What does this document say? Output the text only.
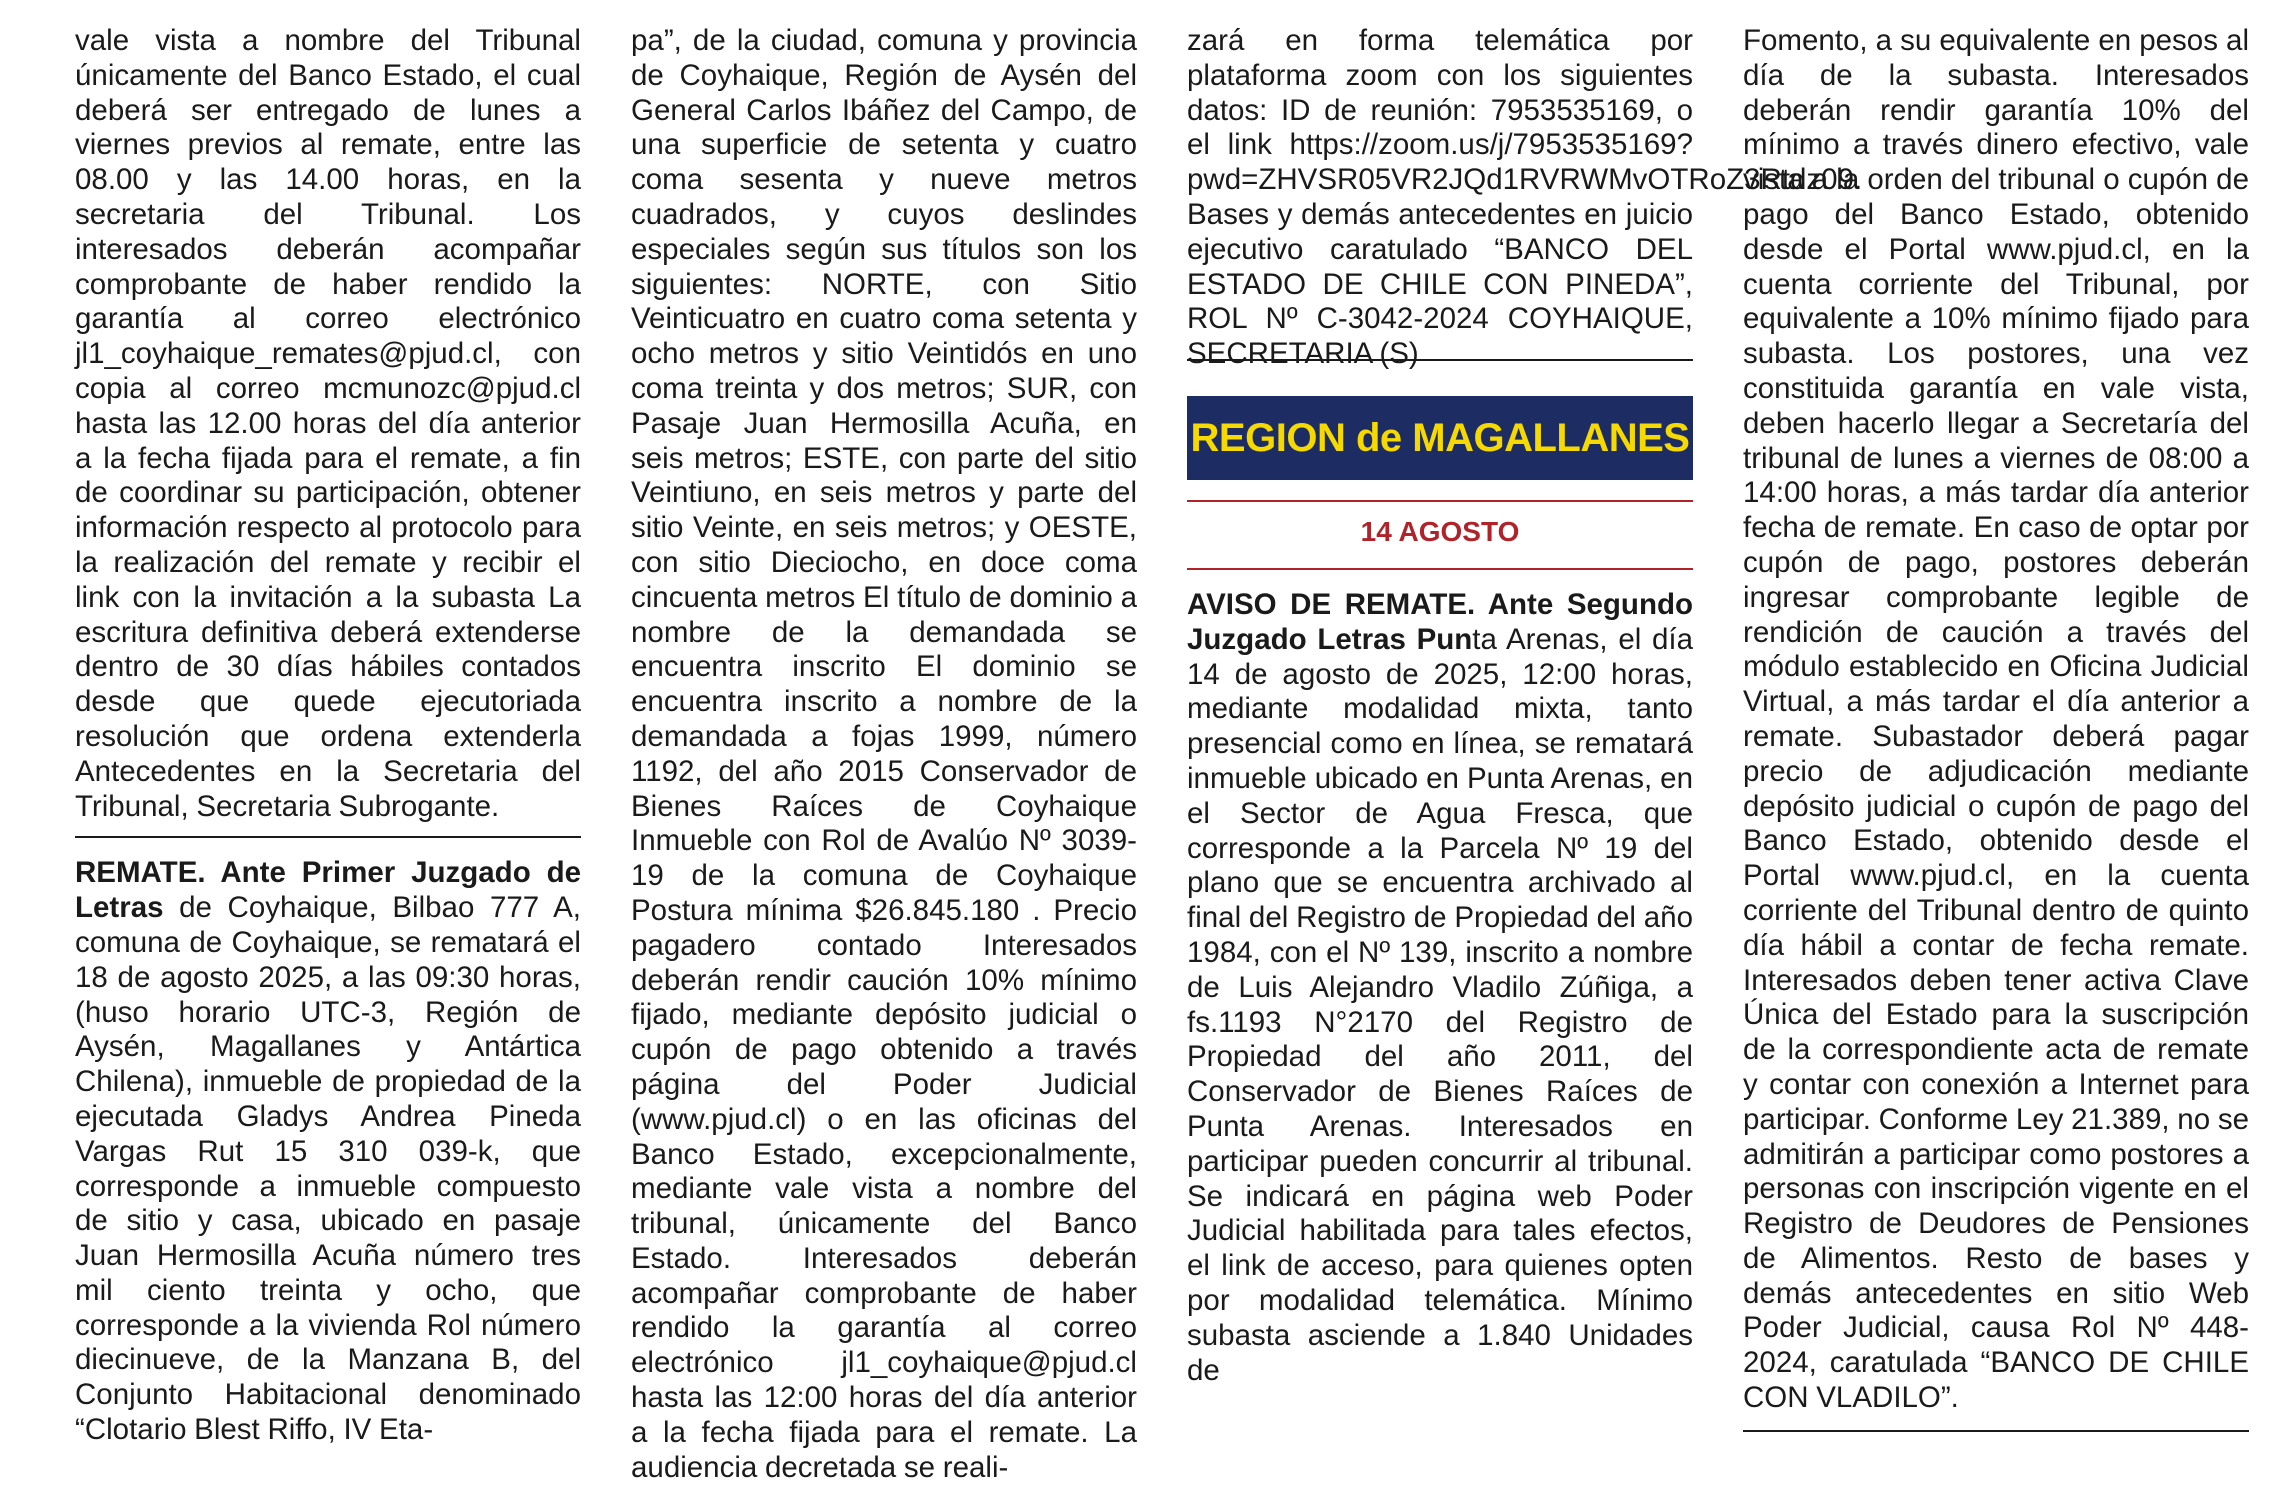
vale vista a nombre del Tribunal únicamente del Banco Estado, el cual deberá ser entregado de lunes a viernes previos al remate, entre las 08.00 y las 14.00 horas, en la secretaria del Tribunal. Los interesados deberán acompañar comprobante de haber rendido la garantía al correo electrónico jl1_coyhaique_remates@pjud.cl, con copia al correo mcmunozc@pjud.cl hasta las 12.00 horas del día anterior a la fecha fijada para el remate, a fin de coordinar su participación, obtener información respecto al protocolo para la realización del remate y recibir el link con la invitación a la subasta La escritura definitiva deberá extenderse dentro de 30 días hábiles contados desde que quede ejecutoriada resolución que ordena extenderla Antecedentes en la Secretaria del Tribunal, Secretaria Subrogante.

REMATE. Ante Primer Juzgado de Letras de Coyhaique, Bilbao 777 A, comuna de Coyhaique, se rematará el 18 de agosto 2025, a las 09:30 horas, (huso horario UTC-3, Región de Aysén, Magallanes y Antártica Chilena), inmueble de propiedad de la ejecutada Gladys Andrea Pineda Vargas Rut 15 310 039-k, que corresponde a inmueble compuesto de sitio y casa, ubicado en pasaje Juan Hermosilla Acuña número tres mil ciento treinta y ocho, que corresponde a la vivienda Rol número diecinueve, de la Manzana B, del Conjunto Habitacional denominado “Clotario Blest Riffo, IV Eta-

pa”, de la ciudad, comuna y provincia de Coyhaique, Región de Aysén del General Carlos Ibáñez del Campo, de una superficie de setenta y cuatro coma sesenta y nueve metros cuadrados, y cuyos deslindes especiales según sus títulos son los siguientes: NORTE, con Sitio Veinticuatro en cuatro coma setenta y ocho metros y sitio Veintidós en uno coma treinta y dos metros; SUR, con Pasaje Juan Hermosilla Acuña, en seis metros; ESTE, con parte del sitio Veintiuno, en seis metros y parte del sitio Veinte, en seis metros; y OESTE, con sitio Dieciocho, en doce coma cincuenta metros El título de dominio a nombre de la demandada se encuentra inscrito El dominio se encuentra inscrito a nombre de la demandada a fojas 1999, número 1192, del año 2015 Conservador de Bienes Raíces de Coyhaique Inmueble con Rol de Avalúo Nº 3039-19 de la comuna de Coyhaique Postura mínima $26.845.180 . Precio pagadero contado Interesados deberán rendir caución 10% mínimo fijado, mediante depósito judicial o cupón de pago obtenido a través página del Poder Judicial (www.pjud.cl) o en las oficinas del Banco Estado, excepcionalmente, mediante vale vista a nombre del tribunal, únicamente del Banco Estado. Interesados deberán acompañar comprobante de haber rendido la garantía al correo electrónico jl1_coyhaique@pjud.cl hasta las 12:00 horas del día anterior a la fecha fijada para el remate. La audiencia decretada se reali-

zará en forma telemática por plataforma zoom con los siguientes datos: ID de reunión: 7953535169, o el link https://zoom.us/j/7953535169?pwd=ZHVSR05VR2JQd1RVRWMvOTRoZ3Rtdz09. Bases y demás antecedentes en juicio ejecutivo caratulado “BANCO DEL ESTADO DE CHILE CON PINEDA”, ROL Nº C-3042-2024 COYHAIQUE, SECRETARIA (S)

REGION de MAGALLANES
14 AGOSTO

AVISO DE REMATE. Ante Segundo Juzgado Letras Punta Arenas, el día 14 de agosto de 2025, 12:00 horas, mediante modalidad mixta, tanto presencial como en línea, se rematará inmueble ubicado en Punta Arenas, en el Sector de Agua Fresca, que corresponde a la Parcela Nº 19 del plano que se encuentra archivado al final del Registro de Propiedad del año 1984, con el Nº 139, inscrito a nombre de Luis Alejandro Vladilo Zúñiga, a fs.1193 N°2170 del Registro de Propiedad del año 2011, del Conservador de Bienes Raíces de Punta Arenas. Interesados en participar pueden concurrir al tribunal. Se indicará en página web Poder Judicial habilitada para tales efectos, el link de acceso, para quienes opten por modalidad telemática. Mínimo subasta asciende a 1.840 Unidades de

Fomento, a su equivalente en pesos al día de la subasta. Interesados deberán rendir garantía 10% del mínimo a través dinero efectivo, vale vista a la orden del tribunal o cupón de pago del Banco Estado, obtenido desde el Portal www.pjud.cl, en la cuenta corriente del Tribunal, por equivalente a 10% mínimo fijado para subasta. Los postores, una vez constituida garantía en vale vista, deben hacerlo llegar a Secretaría del tribunal de lunes a viernes de 08:00 a 14:00 horas, a más tardar día anterior fecha de remate. En caso de optar por cupón de pago, postores deberán ingresar comprobante legible de rendición de caución a través del módulo establecido en Oficina Judicial Virtual, a más tardar el día anterior a remate. Subastador deberá pagar precio de adjudicación mediante depósito judicial o cupón de pago del Banco Estado, obtenido desde el Portal www.pjud.cl, en la cuenta corriente del Tribunal dentro de quinto día hábil a contar de fecha remate. Interesados deben tener activa Clave Única del Estado para la suscripción de la correspondiente acta de remate y contar con conexión a Internet para participar. Conforme Ley 21.389, no se admitirán a participar como postores a personas con inscripción vigente en el Registro de Deudores de Pensiones de Alimentos. Resto de bases y demás antecedentes en sitio Web Poder Judicial, causa Rol Nº 448-2024, caratulada “BANCO DE CHILE CON VLADILO”.
